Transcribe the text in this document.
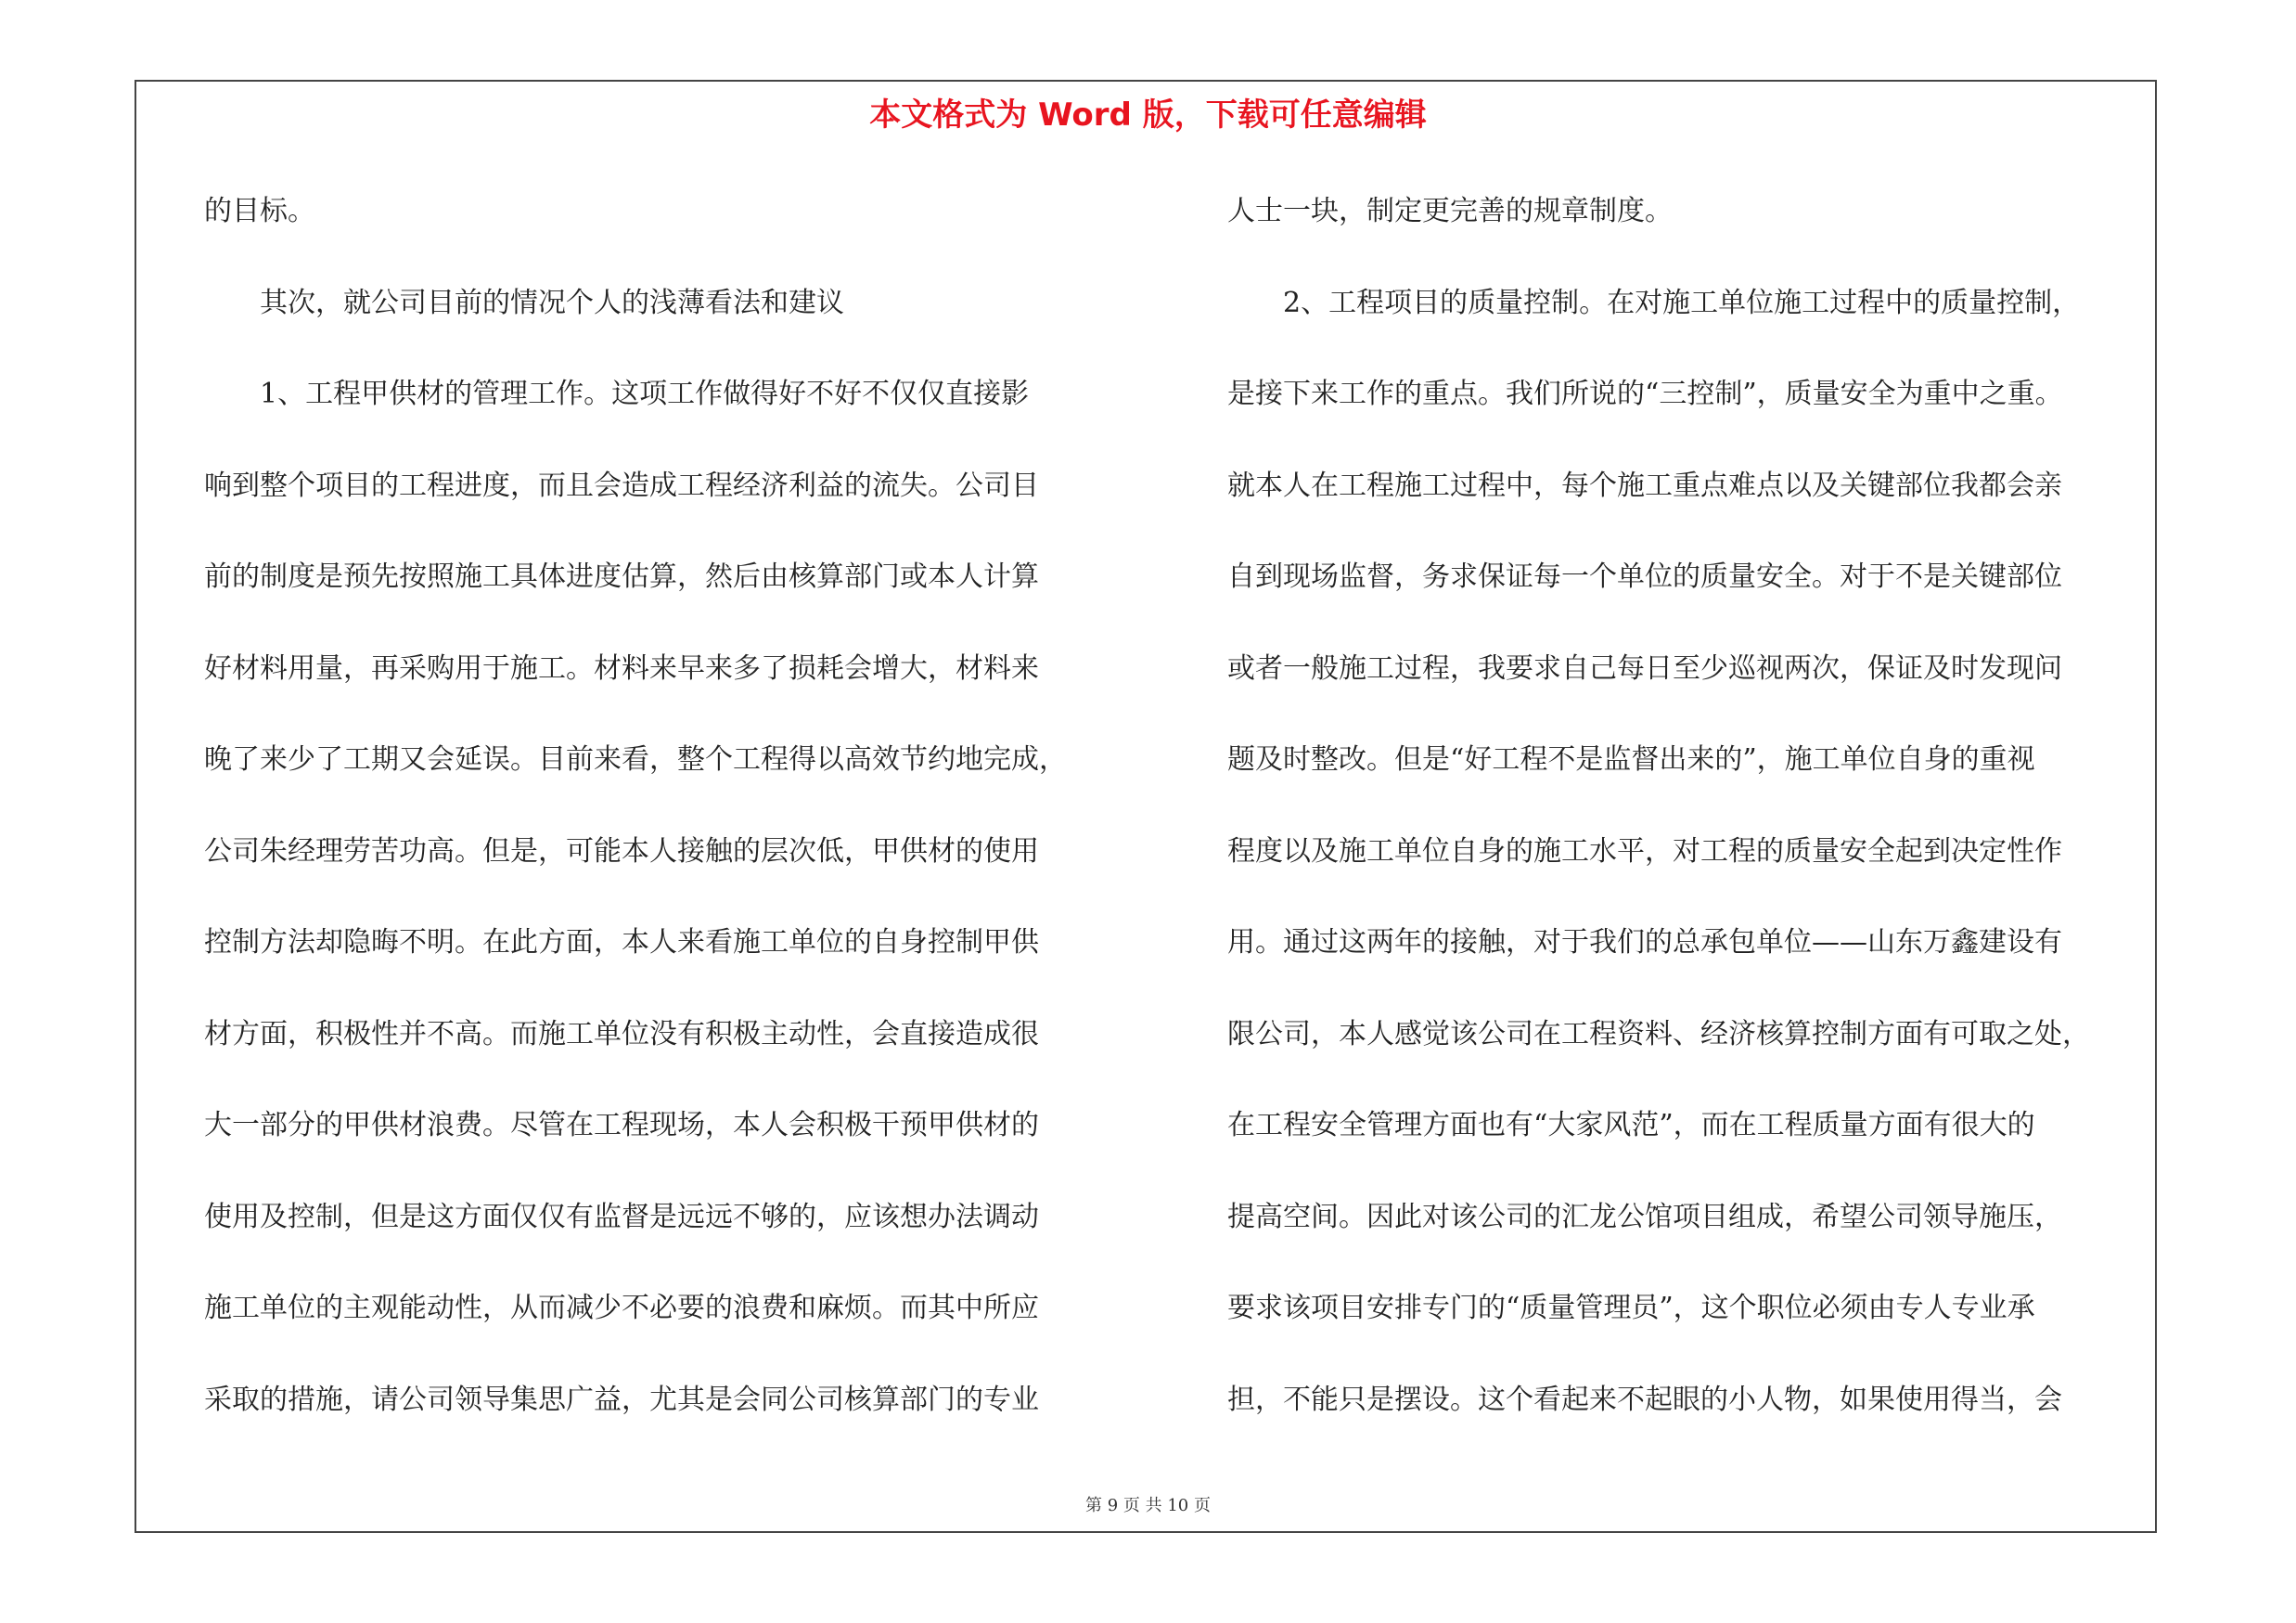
本文格式为 Word 版，下载可任意编辑
的目标。
　　其次，就公司目前的情况个人的浅薄看法和建议
　　1、工程甲供材的管理工作。这项工作做得好不好不仅仅直接影
响到整个项目的工程进度，而且会造成工程经济利益的流失。公司目
前的制度是预先按照施工具体进度估算，然后由核算部门或本人计算
好材料用量，再采购用于施工。材料来早来多了损耗会增大，材料来
晚了来少了工期又会延误。目前来看，整个工程得以高效节约地完成，
公司朱经理劳苦功高。但是，可能本人接触的层次低，甲供材的使用
控制方法却隐晦不明。在此方面，本人来看施工单位的自身控制甲供
材方面，积极性并不高。而施工单位没有积极主动性，会直接造成很
大一部分的甲供材浪费。尽管在工程现场，本人会积极干预甲供材的
使用及控制，但是这方面仅仅有监督是远远不够的，应该想办法调动
施工单位的主观能动性，从而减少不必要的浪费和麻烦。而其中所应
采取的措施，请公司领导集思广益，尤其是会同公司核算部门的专业
人士一块，制定更完善的规章制度。
　　2、工程项目的质量控制。在对施工单位施工过程中的质量控制，
是接下来工作的重点。我们所说的“三控制”，质量安全为重中之重。
就本人在工程施工过程中，每个施工重点难点以及关键部位我都会亲
自到现场监督，务求保证每一个单位的质量安全。对于不是关键部位
或者一般施工过程，我要求自己每日至少巡视两次，保证及时发现问
题及时整改。但是“好工程不是监督出来的”，施工单位自身的重视
程度以及施工单位自身的施工水平，对工程的质量安全起到决定性作
用。通过这两年的接触，对于我们的总承包单位——山东万鑫建设有
限公司，本人感觉该公司在工程资料、经济核算控制方面有可取之处，
在工程安全管理方面也有“大家风范”，而在工程质量方面有很大的
提高空间。因此对该公司的汇龙公馆项目组成，希望公司领导施压，
要求该项目安排专门的“质量管理员”，这个职位必须由专人专业承
担，不能只是摆设。这个看起来不起眼的小人物，如果使用得当，会
第 9 页 共 10 页
